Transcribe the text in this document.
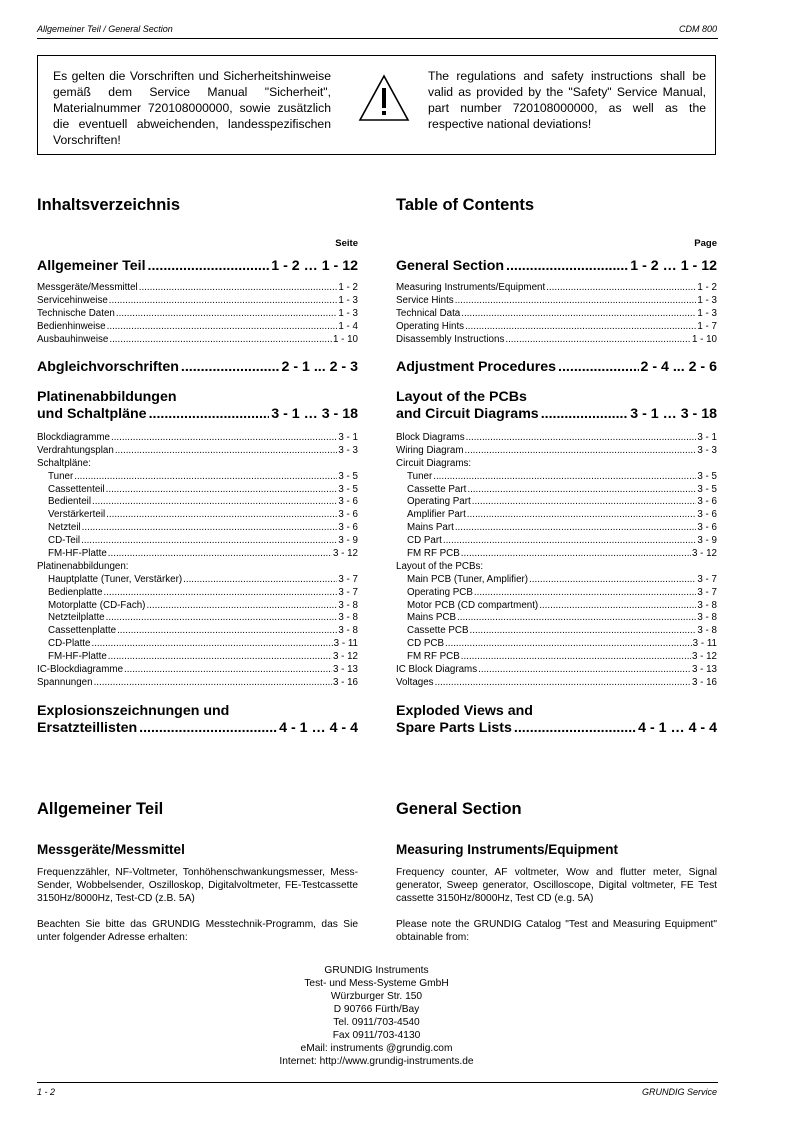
Allgemeiner Teil / General Section	CDM 800
Es gelten die Vorschriften und Sicherheitshinweise gemäß dem Service Manual "Sicherheit", Materialnummer 720108000000, sowie zusätzlich die eventuell abweichenden, landesspezifischen Vorschriften!
The regulations and safety instructions shall be valid as provided by the "Safety" Service Manual, part number 720108000000, as well as the respective national deviations!
Inhaltsverzeichnis
Seite
Allgemeiner Teil .....	1 - 2 … 1 - 12
Messgeräte/Messmittel .....	1 - 2
Servicehinweise .....	1 - 3
Technische Daten .....	1 - 3
Bedienhinweise .....	1 - 4
Ausbauhinweise .....	1 - 10
Abgleichvorschriften .....	2 - 1 ... 2 - 3
Platinenabbildungen
und Schaltpläne .....	3 - 1 … 3 - 18
Blockdiagramme .....	3 - 1
Verdrahtungsplan .....	3 - 3
Schaltpläne:
Tuner .....	3 - 5
Cassettenteil .....	3 - 5
Bedienteil .....	3 - 6
Verstärkerteil .....	3 - 6
Netzteil .....	3 - 6
CD-Teil .....	3 - 9
FM-HF-Platte .....	3 - 12
Platinenabbildungen:
Hauptplatte (Tuner, Verstärker) .....	3 - 7
Bedienplatte .....	3 - 7
Motorplatte (CD-Fach) .....	3 - 8
Netzteilplatte .....	3 - 8
Cassettenplatte .....	3 - 8
CD-Platte .....	3 - 11
FM-HF-Platte .....	3 - 12
IC-Blockdiagramme .....	3 - 13
Spannungen .....	3 - 16
Explosionszeichnungen und
Ersatzteillisten .....	4 - 1 … 4 - 4
Allgemeiner Teil
Messgeräte/Messmittel
Frequenzzähler, NF-Voltmeter, Tonhöhenschwankungsmesser, Mess-Sender, Wobbelsender, Oszilloskop, Digitalvoltmeter, FE-Testcassette 3150Hz/8000Hz, Test-CD (z.B. 5A)
Beachten Sie bitte das GRUNDIG Messtechnik-Programm, das Sie unter folgender Adresse erhalten:
Table of Contents
Page
General Section .....	1 - 2 … 1 - 12
Measuring Instruments/Equipment .....	1 - 2
Service Hints .....	1 - 3
Technical Data .....	1 - 3
Operating Hints .....	1 - 7
Disassembly Instructions .....	1 - 10
Adjustment Procedures .....	2 - 4 ... 2 - 6
Layout of the PCBs
and Circuit Diagrams .....	3 - 1 … 3 - 18
Block Diagrams .....	3 - 1
Wiring Diagram .....	3 - 3
Circuit Diagrams:
Tuner .....	3 - 5
Cassette Part .....	3 - 5
Operating Part .....	3 - 6
Amplifier Part .....	3 - 6
Mains Part .....	3 - 6
CD Part .....	3 - 9
FM RF PCB .....	3 - 12
Layout of the PCBs:
Main PCB (Tuner, Amplifier) .....	3 - 7
Operating PCB .....	3 - 7
Motor PCB (CD compartment) .....	3 - 8
Mains PCB .....	3 - 8
Cassette PCB .....	3 - 8
CD PCB .....	3 - 11
FM RF PCB .....	3 - 12
IC Block Diagrams .....	3 - 13
Voltages .....	3 - 16
Exploded Views and
Spare Parts Lists .....	4 - 1 … 4 - 4
General Section
Measuring Instruments/Equipment
Frequency counter, AF voltmeter, Wow and flutter meter, Signal generator, Sweep generator, Oscilloscope, Digital voltmeter, FE Test cassette 3150Hz/8000Hz, Test CD (e.g. 5A)
Please note the GRUNDIG Catalog "Test and Measuring Equipment" obtainable from:
GRUNDIG Instruments
Test- und Mess-Systeme GmbH
Würzburger Str. 150
D 90766 Fürth/Bay
Tel. 0911/703-4540
Fax 0911/703-4130
eMail: instruments @grundig.com
Internet: http://www.grundig-instruments.de
1 - 2	GRUNDIG Service
